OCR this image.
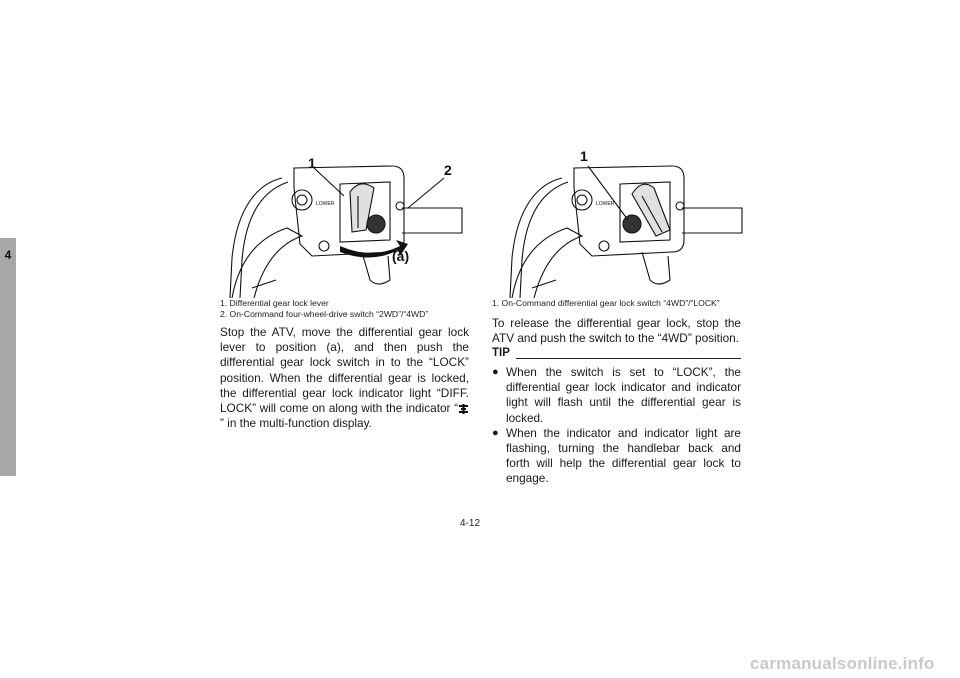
4
LOWER
1	2
(a)
LOWER
1
1. Differential gear lock lever
2. On-Command four-wheel-drive switch “2WD”/“4WD”
1. On-Command differential gear lock switch “4WD”/“LOCK”

Stop the ATV, move the differential gear lock lever to position (a), and then push the differential gear lock switch in to the “LOCK” position. When the differential gear is locked, the differential gear lock indicator light “DIFF. LOCK” will come on along with the indicator “” in the multi-function display.

To release the differential gear lock, stop the ATV and push the switch to the “4WD” position.

TIP
● When the switch is set to “LOCK”, the differential gear lock indicator and indicator light will flash until the differential gear is locked.
● When the indicator and indicator light are flashing, turning the handlebar back and forth will help the differential gear lock to engage.
4-12
carmanualsonline.info
